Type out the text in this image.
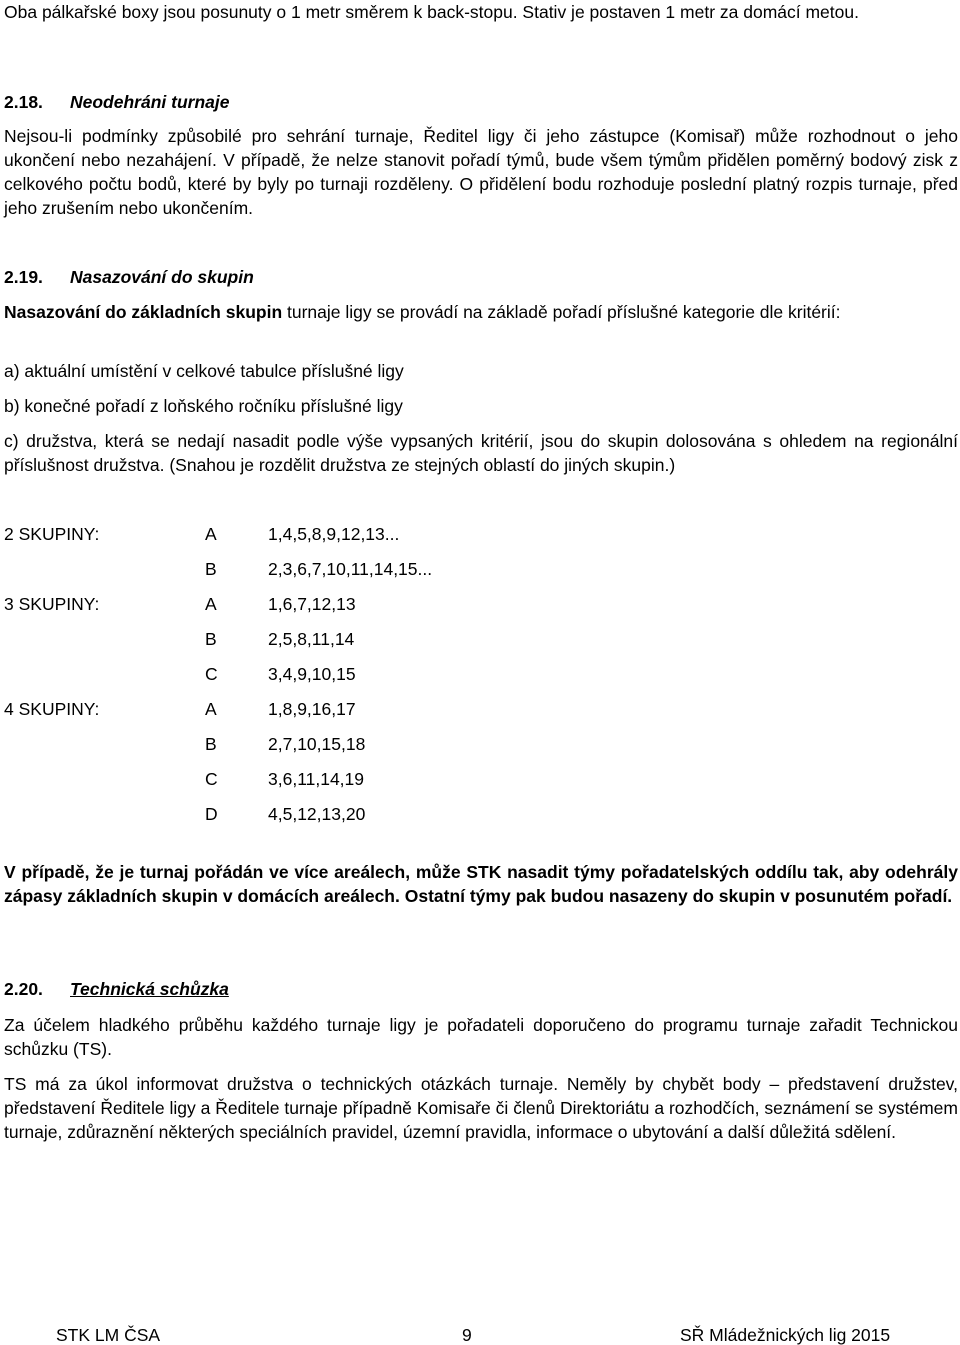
Oba pálkařské boxy jsou posunuty o 1 metr směrem k back-stopu. Stativ je postaven 1 metr za domácí metou.

2.18. Neodehráni turnaje

Nejsou-li podmínky způsobilé pro sehrání turnaje, Ředitel ligy či jeho zástupce (Komisař) může rozhodnout o jeho ukončení nebo nezahájení. V případě, že nelze stanovit pořadí týmů, bude všem týmům přidělen poměrný bodový zisk z celkového počtu bodů, které by byly po turnaji rozděleny. O přidělení bodu rozhoduje poslední platný rozpis turnaje, před jeho zrušením nebo ukončením.

2.19. Nasazování do skupin

Nasazování do základních skupin turnaje ligy se provádí na základě pořadí příslušné kategorie dle kritérií:

a) aktuální umístění v celkové tabulce příslušné ligy

b) konečné pořadí z loňského ročníku příslušné ligy

c) družstva, která se nedají nasadit podle výše vypsaných kritérií, jsou do skupin dolosována s ohledem na regionální příslušnost družstva. (Snahou je rozdělit družstva ze stejných oblastí do jiných skupin.)

2 SKUPINY:	A	1,4,5,8,9,12,13...
B	2,3,6,7,10,11,14,15...
3 SKUPINY:	A	1,6,7,12,13
B	2,5,8,11,14
C	3,4,9,10,15
4 SKUPINY:	A	1,8,9,16,17
B	2,7,10,15,18
C	3,6,11,14,19
D	4,5,12,13,20

V případě, že je turnaj pořádán ve více areálech, může STK nasadit týmy pořadatelských oddílu tak, aby odehrály zápasy základních skupin v domácích areálech. Ostatní týmy pak budou nasazeny do skupin v posunutém pořadí.

2.20. Technická schůzka

Za účelem hladkého průběhu každého turnaje ligy je pořadateli doporučeno do programu turnaje zařadit Technickou schůzku (TS).

TS má za úkol informovat družstva o technických otázkách turnaje. Neměly by chybět body – představení družstev, představení Ředitele ligy a Ředitele turnaje případně Komisaře či členů Direktoriátu a rozhodčích, seznámení se systémem turnaje, zdůraznění některých speciálních pravidel, územní pravidla, informace o ubytování a další důležitá sdělení.

STK LM ČSA	9	SŘ Mládežnických lig 2015
